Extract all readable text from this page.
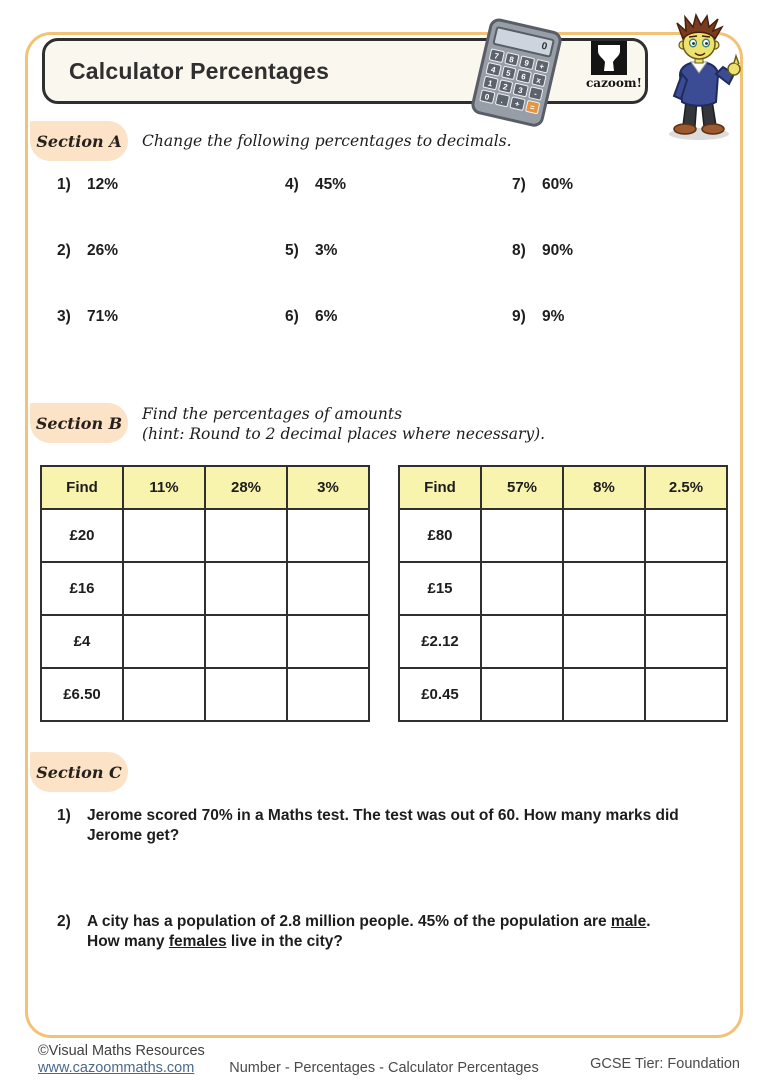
Calculator Percentages
0
7	8	9	+
4	5	6	x
1	2	3	-
0	.	+	=
cazoom!
Section A	Change the following percentages to decimals.
1)	12%	4)	45%	7)	60%
2)	26%	5)	3%	8)	90%
3)	71%	6)	6%	9)	9%
Section B	Find the percentages of amounts
(hint: Round to 2 decimal places where necessary).
Find	11%	28%	3%
£20			
£16			
£4			
£6.50			
Find	57%	8%	2.5%
£80			
£15			
£2.12			
£0.45			
Section C
1)	Jerome scored 70% in a Maths test. The test was out of 60. How many marks did
Jerome get?
2)	A city has a population of 2.8 million people. 45% of the population are male.
How many females live in the city?
©Visual Maths Resources
www.cazoommaths.com	Number - Percentages - Calculator Percentages	GCSE Tier: Foundation
